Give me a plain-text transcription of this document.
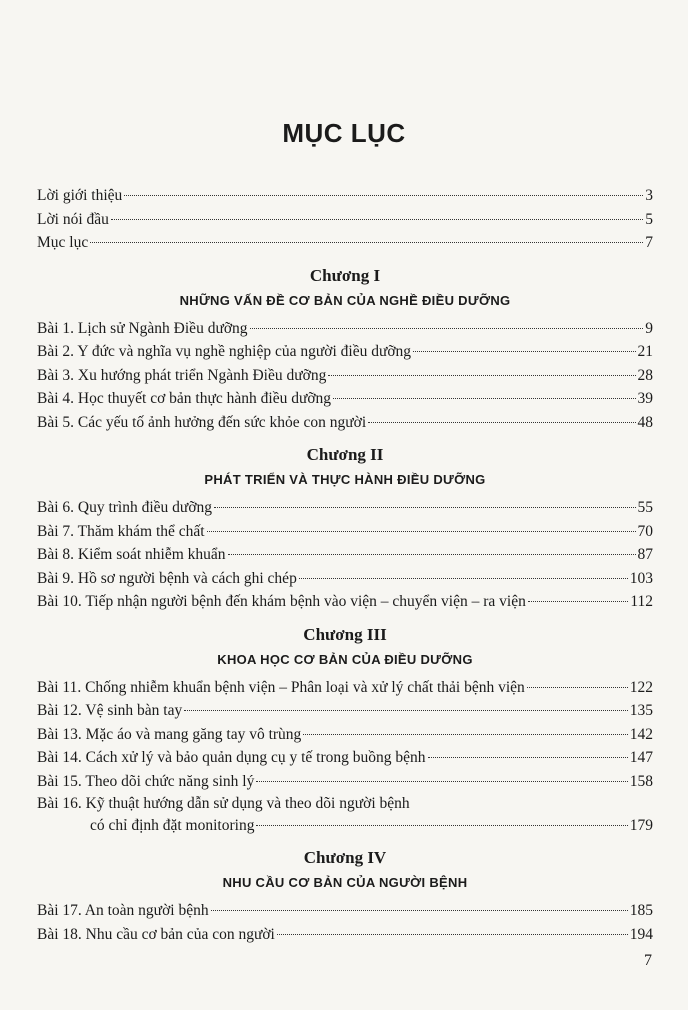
MỤC LỤC
Lời giới thiệu	3
Lời nói đầu	5
Mục lục	7
Chương I
NHỮNG VẤN ĐỀ CƠ BẢN CỦA NGHỀ ĐIỀU DƯỠNG
Bài 1. Lịch sử Ngành Điều dưỡng	9
Bài 2. Y đức và nghĩa vụ nghề nghiệp của người điều dưỡng	21
Bài 3. Xu hướng phát triển Ngành Điều dưỡng	28
Bài 4. Học thuyết cơ bản thực hành điều dưỡng	39
Bài 5. Các yếu tố ảnh hưởng đến sức khỏe con người	48
Chương II
PHÁT TRIỂN VÀ THỰC HÀNH ĐIỀU DƯỠNG
Bài 6. Quy trình điều dưỡng	55
Bài 7. Thăm khám thể chất	70
Bài 8. Kiểm soát nhiễm khuẩn	87
Bài 9. Hồ sơ người bệnh và cách ghi chép	103
Bài 10. Tiếp nhận người bệnh đến khám bệnh vào viện – chuyển viện – ra viện	112
Chương III
KHOA HỌC CƠ BẢN CỦA ĐIỀU DƯỠNG
Bài 11. Chống nhiễm khuẩn bệnh viện – Phân loại và xử lý chất thải bệnh viện	122
Bài 12. Vệ sinh bàn tay	135
Bài 13. Mặc áo và mang găng tay vô trùng	142
Bài 14. Cách xử lý và bảo quản dụng cụ y tế trong buồng bệnh	147
Bài 15. Theo dõi chức năng sinh lý	158
Bài 16. Kỹ thuật hướng dẫn sử dụng và theo dõi người bệnh
có chỉ định đặt monitoring	179
Chương IV
NHU CẦU CƠ BẢN CỦA NGƯỜI BỆNH
Bài 17. An toàn người bệnh	185
Bài 18. Nhu cầu cơ bản của con người	194
7
